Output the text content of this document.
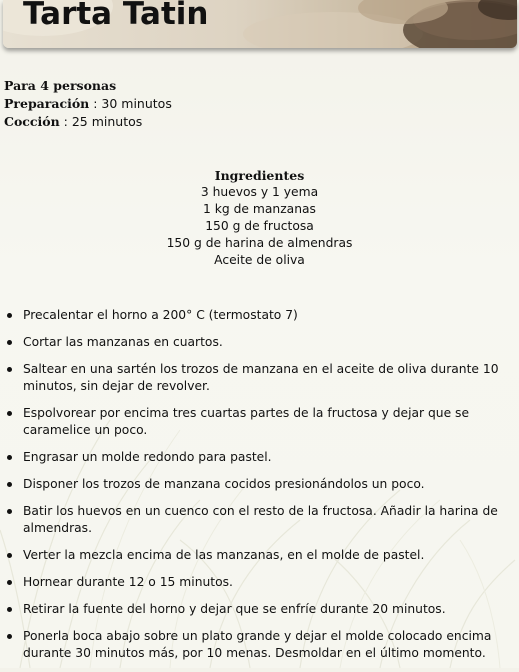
Tarta Tatin
Para 4 personas
Preparación : 30 minutos
Cocción : 25 minutos
Ingredientes
3 huevos y 1 yema
1 kg de manzanas
150 g de fructosa
150 g de harina de almendras
Aceite de oliva
Precalentar el horno a 200° C (termostato 7)
Cortar las manzanas en cuartos.
Saltear en una sartén los trozos de manzana en el aceite de oliva durante 10 minutos, sin dejar de revolver.
Espolvorear por encima tres cuartas partes de la fructosa y dejar que se caramelice un poco.
Engrasar un molde redondo para pastel.
Disponer los trozos de manzana cocidos presionándolos un poco.
Batir los huevos en un cuenco con el resto de la fructosa. Añadir la harina de almendras.
Verter la mezcla encima de las manzanas, en el molde de pastel.
Hornear durante 12 o 15 minutos.
Retirar la fuente del horno y dejar que se enfríe durante 20 minutos.
Ponerla boca abajo sobre un plato grande y dejar el molde colocado encima durante 30 minutos más, por 10 menas. Desmoldar en el último momento.
